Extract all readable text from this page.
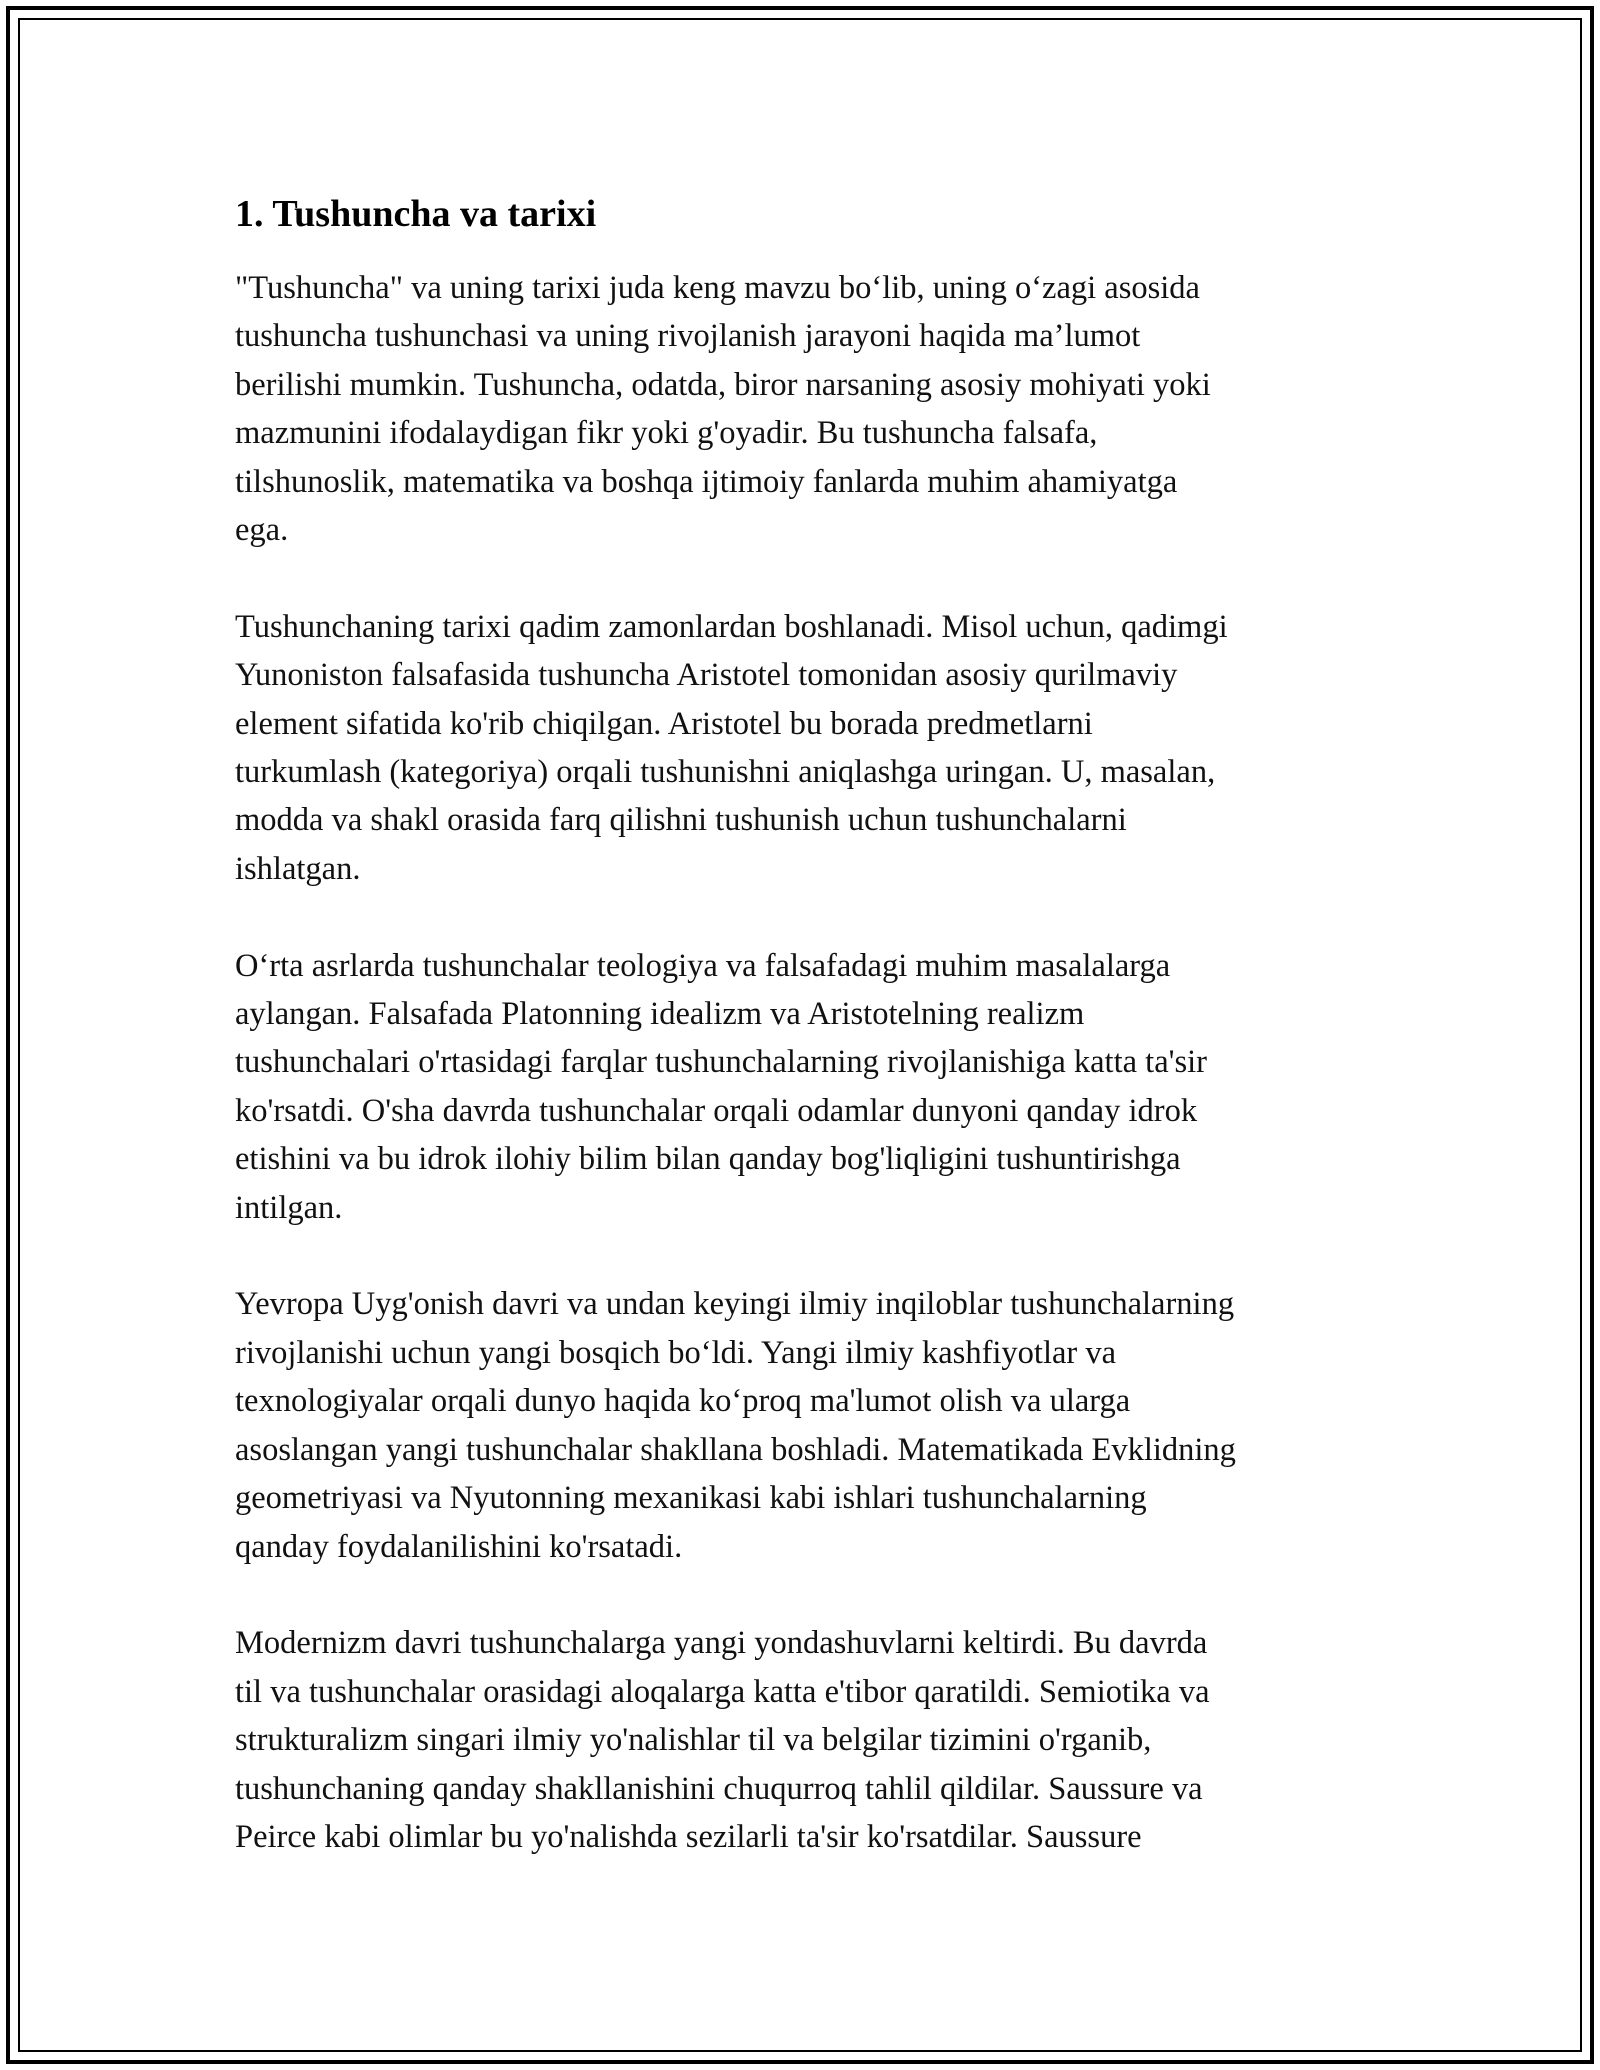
1. Tushuncha va tarixi
"Tushuncha" va uning tarixi juda keng mavzu bo‘lib, uning o‘zagi asosida
tushuncha tushunchasi va uning rivojlanish jarayoni haqida ma’lumot
berilishi mumkin. Tushuncha, odatda, biror narsaning asosiy mohiyati yoki
mazmunini ifodalaydigan fikr yoki g'oyadir. Bu tushuncha falsafa,
tilshunoslik, matematika va boshqa ijtimoiy fanlarda muhim ahamiyatga
ega.
Tushunchaning tarixi qadim zamonlardan boshlanadi. Misol uchun, qadimgi
Yunoniston falsafasida tushuncha Aristotel tomonidan asosiy qurilmaviy
element sifatida ko'rib chiqilgan. Aristotel bu borada predmetlarni
turkumlash (kategoriya) orqali tushunishni aniqlashga uringan. U, masalan,
modda va shakl orasida farq qilishni tushunish uchun tushunchalarni
ishlatgan.
O‘rta asrlarda tushunchalar teologiya va falsafadagi muhim masalalarga
aylangan. Falsafada Platonning idealizm va Aristotelning realizm
tushunchalari o'rtasidagi farqlar tushunchalarning rivojlanishiga katta ta'sir
ko'rsatdi. O'sha davrda tushunchalar orqali odamlar dunyoni qanday idrok
etishini va bu idrok ilohiy bilim bilan qanday bog'liqligini tushuntirishga
intilgan.
Yevropa Uyg'onish davri va undan keyingi ilmiy inqiloblar tushunchalarning
rivojlanishi uchun yangi bosqich bo‘ldi. Yangi ilmiy kashfiyotlar va
texnologiyalar orqali dunyo haqida ko‘proq ma'lumot olish va ularga
asoslangan yangi tushunchalar shakllana boshladi. Matematikada Evklidning
geometriyasi va Nyutonning mexanikasi kabi ishlari tushunchalarning
qanday foydalanilishini ko'rsatadi.
Modernizm davri tushunchalarga yangi yondashuvlarni keltirdi. Bu davrda
til va tushunchalar orasidagi aloqalarga katta e'tibor qaratildi. Semiotika va
strukturalizm singari ilmiy yo'nalishlar til va belgilar tizimini o'rganib,
tushunchaning qanday shakllanishini chuqurroq tahlil qildilar. Saussure va
Peirce kabi olimlar bu yo'nalishda sezilarli ta'sir ko'rsatdilar. Saussure
